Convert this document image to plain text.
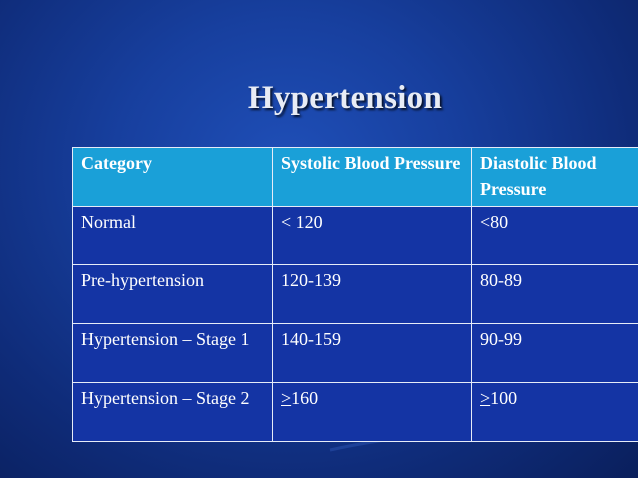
Hypertension
Category	Systolic Blood Pressure	Diastolic Blood Pressure
Normal	< 120	<80
Pre-hypertension	120-139	80-89
Hypertension – Stage 1	140-159	90-99
Hypertension – Stage 2	≥160	≥100
